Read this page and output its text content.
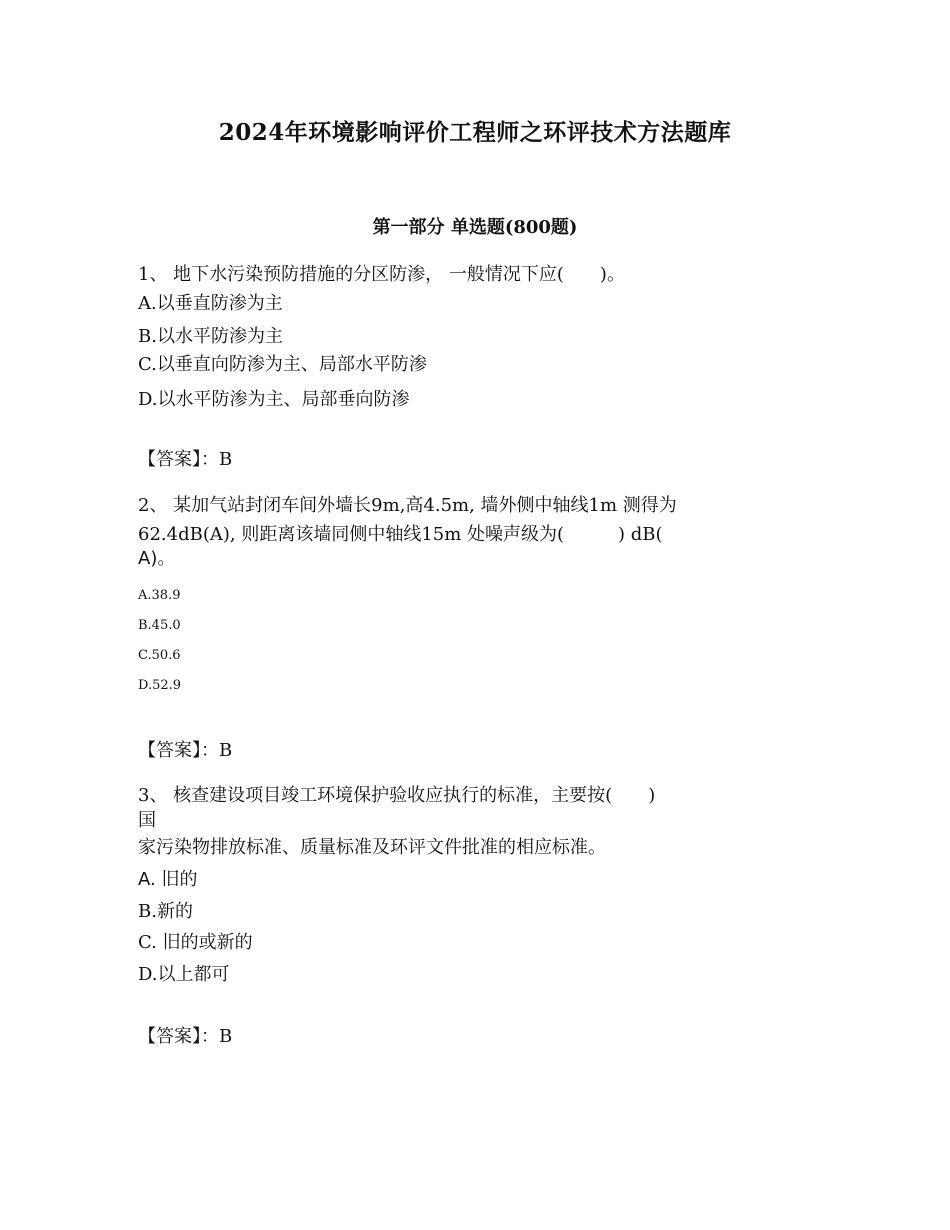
2024年环境影响评价工程师之环评技术方法题库
第一部分 单选题(800题)
1、 地下水污染预防措施的分区防渗， 一般情况下应(　　)。
A.以垂直防渗为主
B.以水平防渗为主
C.以垂直向防渗为主、局部水平防渗
D.以水平防渗为主、局部垂向防渗
【答案】：B
2、 某加气站封闭车间外墙长9m,高4.5m, 墙外侧中轴线1m 测得为
62.4dB(A), 则距离该墙同侧中轴线15m 处噪声级为(　　　) dB(
A)。
A.38.9
B.45.0
C.50.6
D.52.9
【答案】：B
3、 核查建设项目竣工环境保护验收应执行的标准，主要按(　　)
国
家污染物排放标准、质量标准及环评文件批准的相应标准。
A. 旧的
B.新的
C. 旧的或新的
D.以上都可
【答案】：B
